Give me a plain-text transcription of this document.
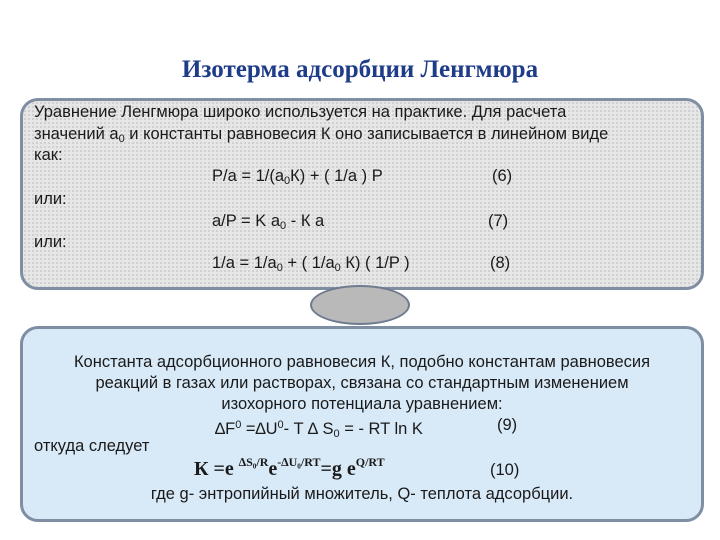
Изотерма адсорбции Ленгмюра
Уравнение Ленгмюра широко используется на практике. Для расчета
значений $a_0$ и константы равновесия К оно записывается в линейном виде
как:
$P/a = 1/(a_0К)$ + ( 1/a ) P	(6)
или:
a/P = K $a_0$ - К a	(7)
или:
$1/a = 1/a_0$ + ( $1/a_0$ К) ( 1/P )	(8)
Константа адсорбционного равновесия К, подобно константам равновесия
реакций в газах или растворах, связана со стандартным изменением
изохорного потенциала уравнением:
$\Delta F^0 =\Delta U^0-$ T ∆ $S_0$ = - RT ln K	(9)
откуда следует
К =e $^{\Delta S_0/R}e^{-\Delta U_0/RT}=g$ $e^{Q/RT}$	(10)
где g- энтропийный множитель, Q- теплота адсорбции.
